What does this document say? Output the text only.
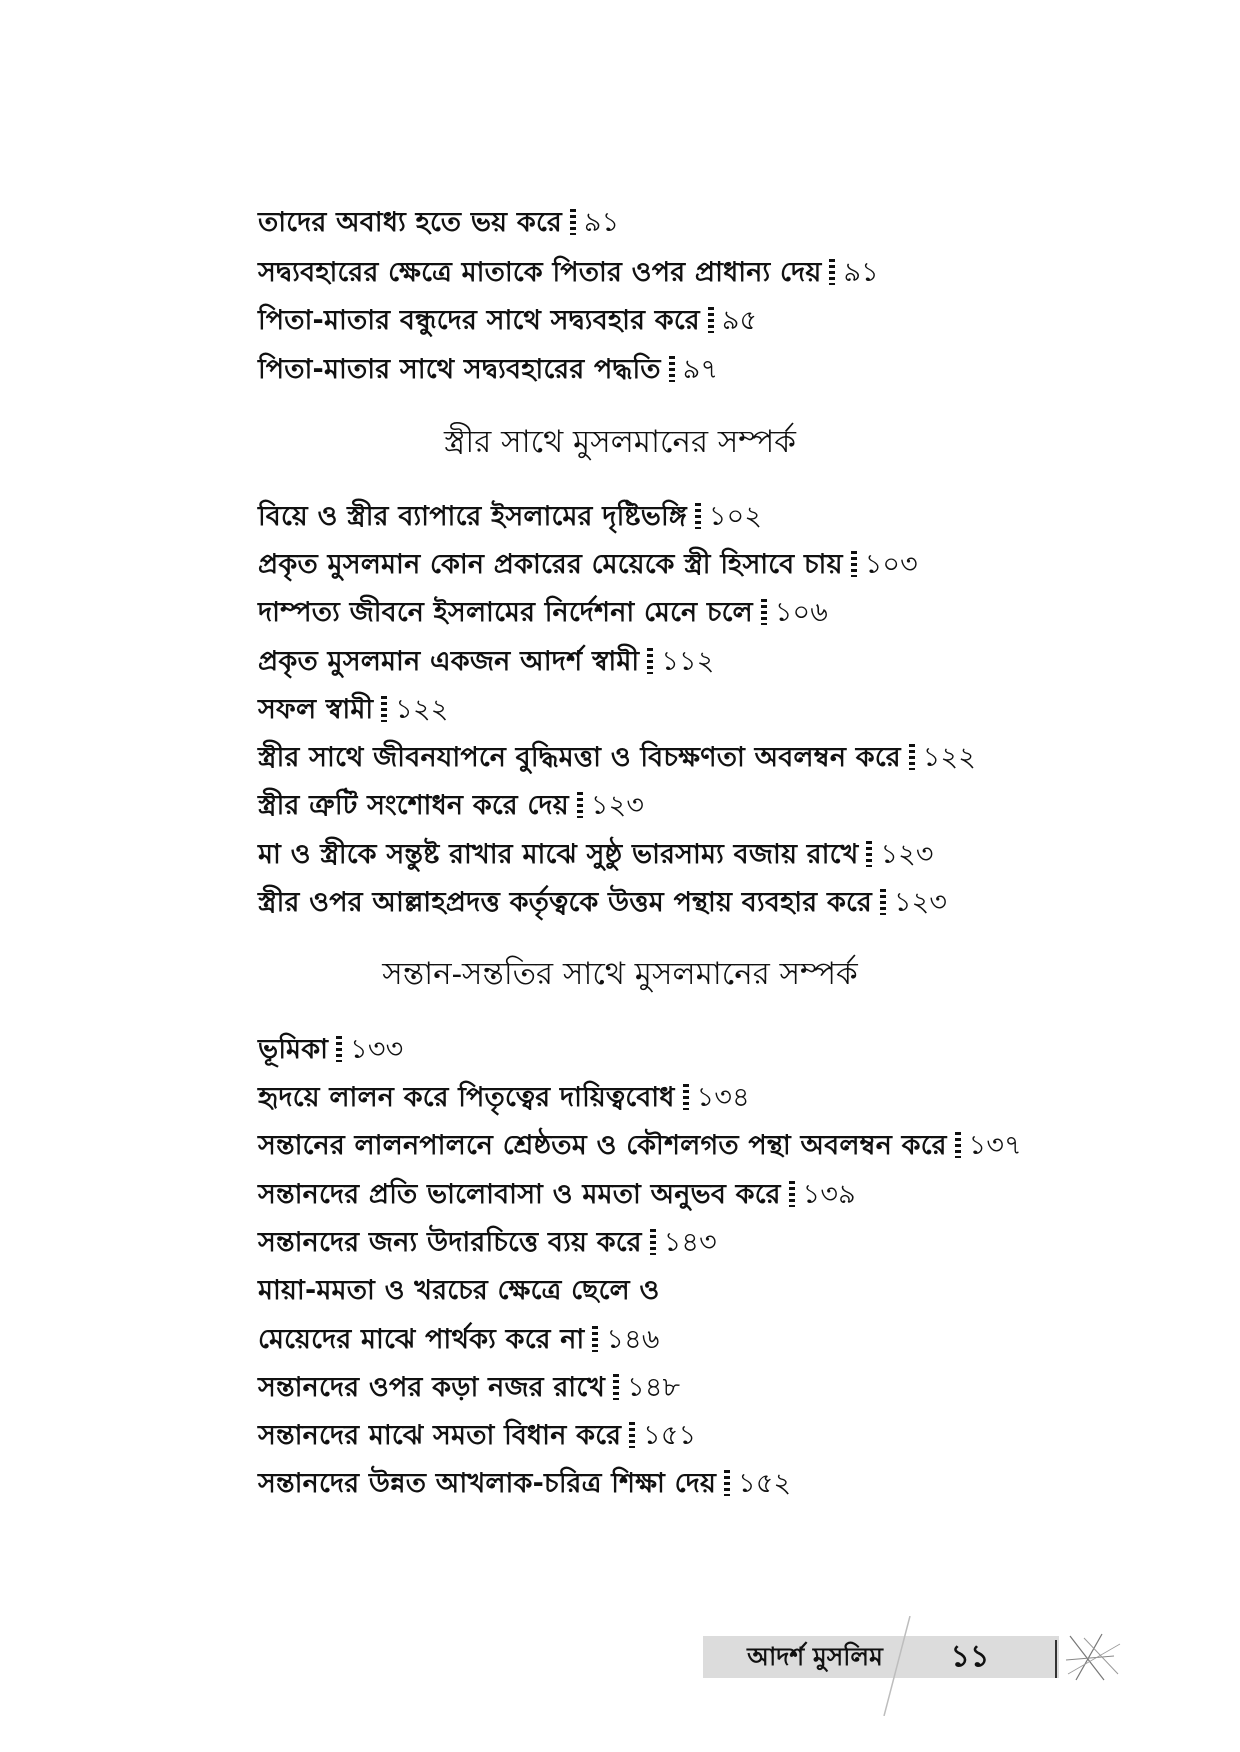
তাদের অবাধ্য হতে ভয় করে ৯১
সদ্ব্যবহারের ক্ষেত্রে মাতাকে পিতার ওপর প্রাধান্য দেয় ৯১
পিতা-মাতার বন্ধুদের সাথে সদ্ব্যবহার করে ৯৫
পিতা-মাতার সাথে সদ্ব্যবহারের পদ্ধতি ৯৭
স্ত্রীর সাথে মুসলমানের সম্পর্ক
বিয়ে ও স্ত্রীর ব্যাপারে ইসলামের দৃষ্টিভঙ্গি ১০২
প্রকৃত মুসলমান কোন প্রকারের মেয়েকে স্ত্রী হিসাবে চায় ১০৩
দাম্পত্য জীবনে ইসলামের নির্দেশনা মেনে চলে ১০৬
প্রকৃত মুসলমান একজন আদর্শ স্বামী ১১২
সফল স্বামী ১২২
স্ত্রীর সাথে জীবনযাপনে বুদ্ধিমত্তা ও বিচক্ষণতা অবলম্বন করে ১২২
স্ত্রীর ত্রুটি সংশোধন করে দেয় ১২৩
মা ও স্ত্রীকে সন্তুষ্ট রাখার মাঝে সুষ্ঠু ভারসাম্য বজায় রাখে ১২৩
স্ত্রীর ওপর আল্লাহপ্রদত্ত কর্তৃত্বকে উত্তম পন্থায় ব্যবহার করে ১২৩
সন্তান-সন্ততির সাথে মুসলমানের সম্পর্ক
ভূমিকা ১৩৩
হৃদয়ে লালন করে পিতৃত্বের দায়িত্ববোধ ১৩৪
সন্তানের লালনপালনে শ্রেষ্ঠতম ও কৌশলগত পন্থা অবলম্বন করে ১৩৭
সন্তানদের প্রতি ভালোবাসা ও মমতা অনুভব করে ১৩৯
সন্তানদের জন্য উদারচিত্তে ব্যয় করে ১৪৩
মায়া-মমতা ও খরচের ক্ষেত্রে ছেলে ও
মেয়েদের মাঝে পার্থক্য করে না ১৪৬
সন্তানদের ওপর কড়া নজর রাখে ১৪৮
সন্তানদের মাঝে সমতা বিধান করে ১৫১
সন্তানদের উন্নত আখলাক-চরিত্র শিক্ষা দেয় ১৫২
আদর্শ মুসলিম	১১
